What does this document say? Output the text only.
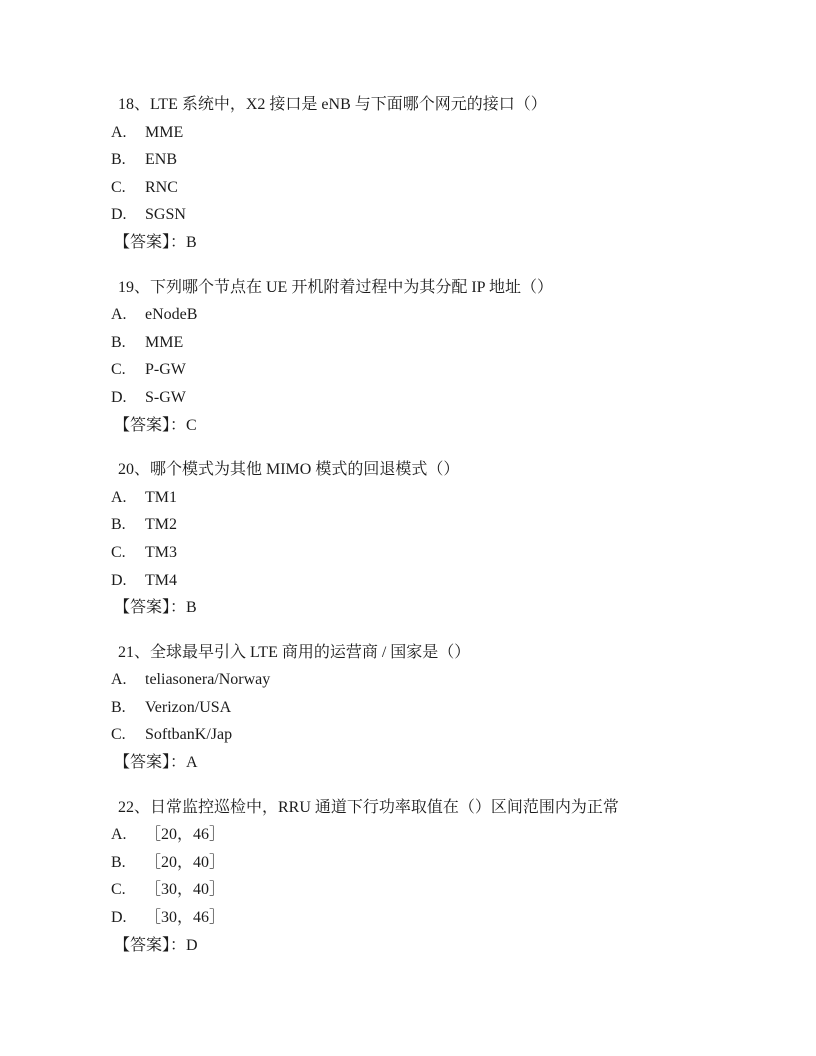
18、LTE 系统中，X2 接口是 eNB 与下面哪个网元的接口（）

A. MME

B. ENB

C. RNC

D. SGSN

【答案】：B

19、下列哪个节点在 UE 开机附着过程中为其分配 IP 地址（）

A. eNodeB

B. MME

C. P-GW

D. S-GW

【答案】：C

20、哪个模式为其他 MIMO 模式的回退模式（）

A. TM1

B. TM2

C. TM3

D. TM4

【答案】：B

21、全球最早引入 LTE 商用的运营商 / 国家是（）

A. teliasonera/Norway

B. Verizon/USA

C. SoftbanK/Jap

【答案】：A

22、日常监控巡检中，RRU 通道下行功率取值在（）区间范围内为正常

A. ［20，46］

B. ［20，40］

C. ［30，40］

D. ［30，46］

【答案】：D
